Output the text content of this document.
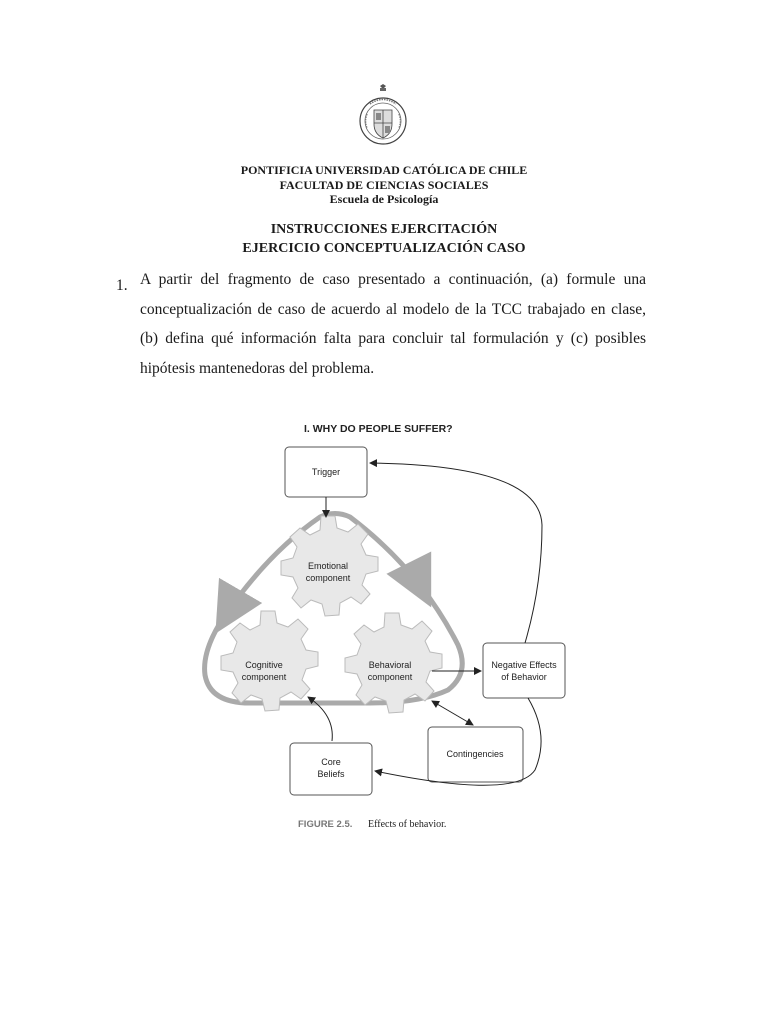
PONTIFICIA UNIVERSIDAD CATÓLICA DE CHILE
FACULTAD DE CIENCIAS SOCIALES
Escuela de Psicología
INSTRUCCIONES EJERCITACIÓN
EJERCICIO CONCEPTUALIZACIÓN CASO
1. A partir del fragmento de caso presentado a continuación, (a) formule una conceptualización de caso de acuerdo al modelo de la TCC trabajado en clase, (b) defina qué información falta para concluir tal formulación y (c) posibles hipótesis mantenedoras del problema.
I. WHY DO PEOPLE SUFFER?
Emotional
component
Cognitive
component
Behavioral
component
Trigger
Negative Effects
of Behavior
Contingencies
Core
Beliefs
FIGURE 2.5. Effects of behavior.
